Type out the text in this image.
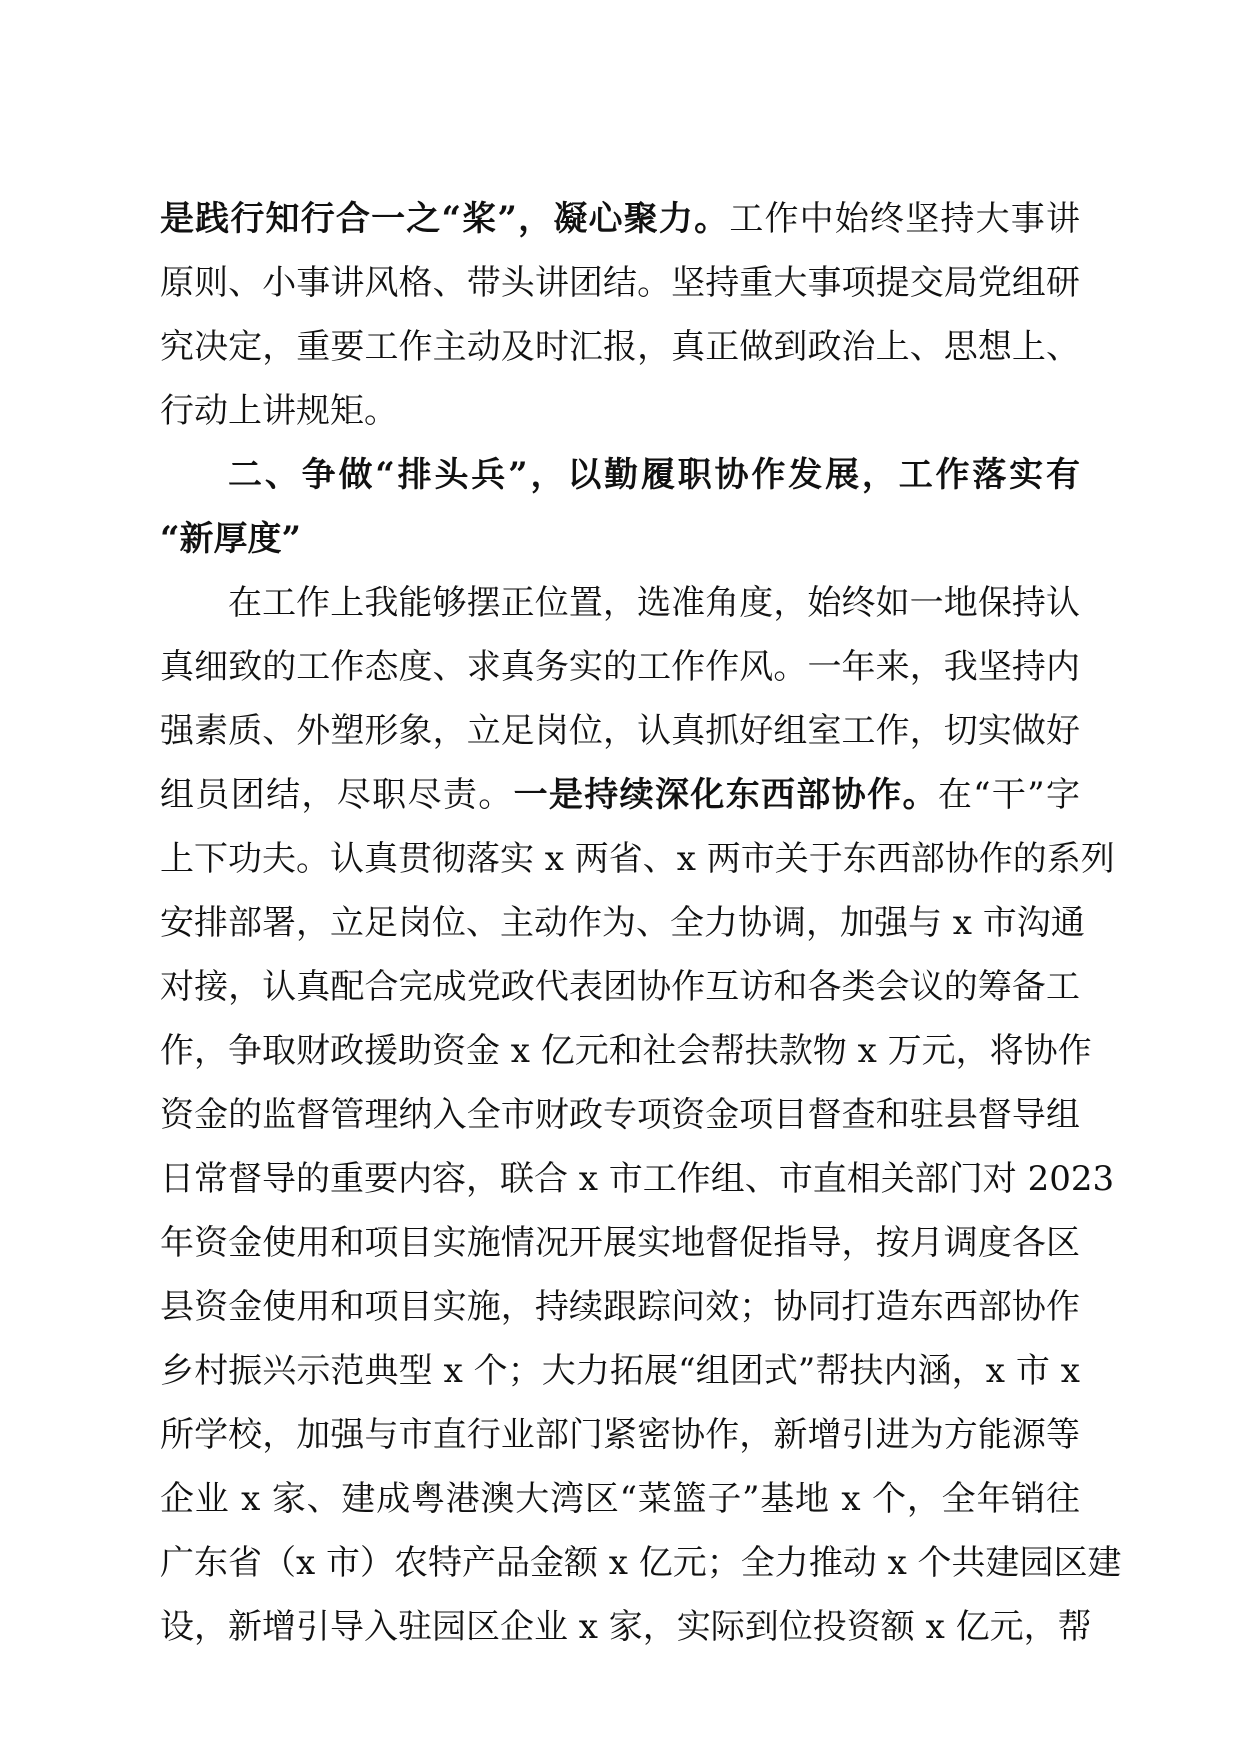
是践行知行合一之“桨”，凝心聚力。工作中始终坚持大事讲
原则、小事讲风格、带头讲团结。坚持重大事项提交局党组研
究决定，重要工作主动及时汇报，真正做到政治上、思想上、
行动上讲规矩。
二、争做“排头兵”，以勤履职协作发展，工作落实有
“新厚度”
在工作上我能够摆正位置，选准角度，始终如一地保持认
真细致的工作态度、求真务实的工作作风。一年来，我坚持内
强素质、外塑形象，立足岗位，认真抓好组室工作，切实做好
组员团结，尽职尽责。一是持续深化东西部协作。在“干”字
上下功夫。认真贯彻落实 x 两省、x 两市关于东西部协作的系列
安排部署，立足岗位、主动作为、全力协调，加强与 x 市沟通
对接，认真配合完成党政代表团协作互访和各类会议的筹备工
作，争取财政援助资金 x 亿元和社会帮扶款物 x 万元，将协作
资金的监督管理纳入全市财政专项资金项目督查和驻县督导组
日常督导的重要内容，联合 x 市工作组、市直相关部门对 2023
年资金使用和项目实施情况开展实地督促指导，按月调度各区
县资金使用和项目实施，持续跟踪问效；协同打造东西部协作
乡村振兴示范典型 x 个；大力拓展“组团式”帮扶内涵，x 市 x
所学校，加强与市直行业部门紧密协作，新增引进为方能源等
企业 x 家、建成粤港澳大湾区“菜篮子”基地 x 个，全年销往
广东省（x 市）农特产品金额 x 亿元；全力推动 x 个共建园区建
设，新增引导入驻园区企业 x 家，实际到位投资额 x 亿元，帮
